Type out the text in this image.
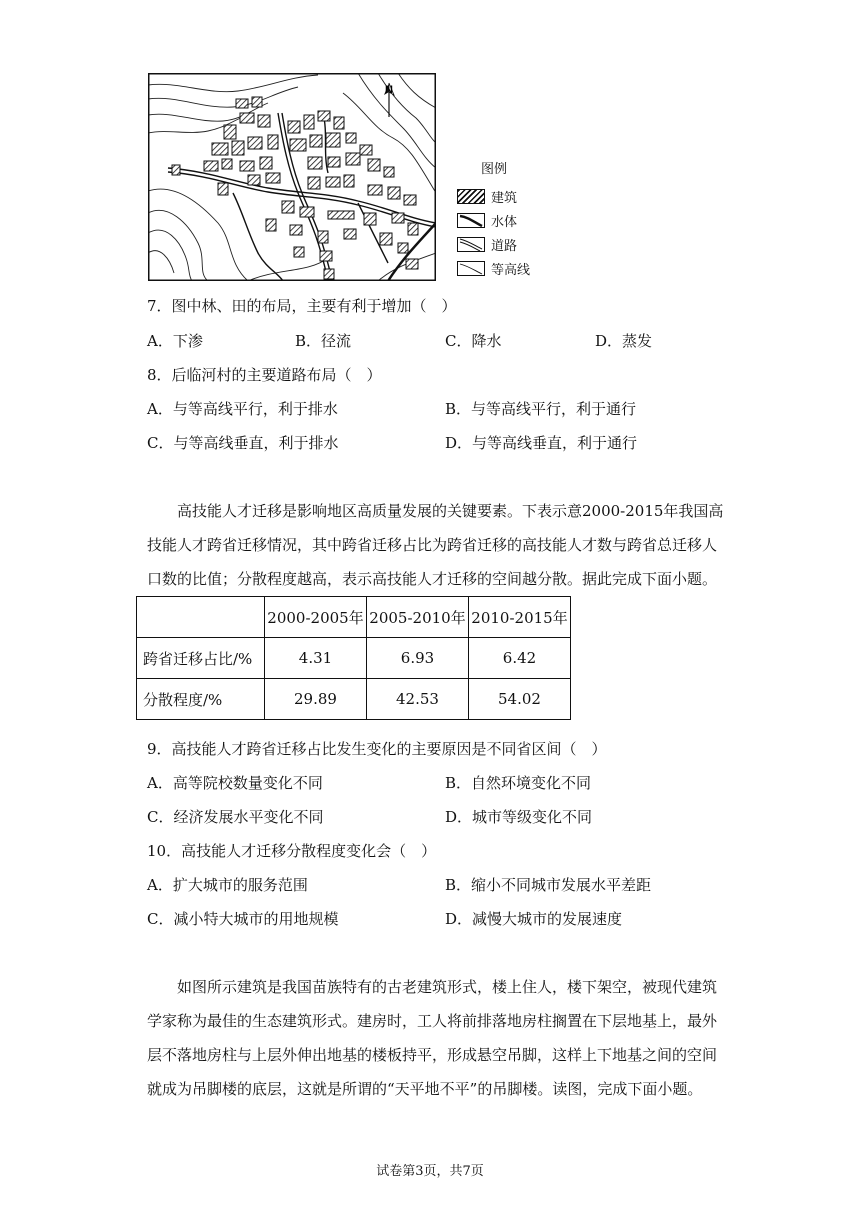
N
图例
建筑
水体
道路
等高线
7．图中林、田的布局，主要有利于增加（　）
A．下渗	B．径流	C．降水	D．蒸发
8．后临河村的主要道路布局（　）
A．与等高线平行，利于排水	B．与等高线平行，利于通行
C．与等高线垂直，利于排水	D．与等高线垂直，利于通行

高技能人才迁移是影响地区高质量发展的关键要素。下表示意2000-2015年我国高

技能人才跨省迁移情况，其中跨省迁移占比为跨省迁移的高技能人才数与跨省总迁移人

口数的比值；分散程度越高，表示高技能人才迁移的空间越分散。据此完成下面小题。

	2000-2005年	2005-2010年	2010-2015年
跨省迁移占比/%	4.31	6.93	6.42
分散程度/%	29.89	42.53	54.02
9．高技能人才跨省迁移占比发生变化的主要原因是不同省区间（　）
A．高等院校数量变化不同	B．自然环境变化不同
C．经济发展水平变化不同	D．城市等级变化不同
10．高技能人才迁移分散程度变化会（　）
A．扩大城市的服务范围	B．缩小不同城市发展水平差距
C．减小特大城市的用地规模	D．减慢大城市的发展速度

如图所示建筑是我国苗族特有的古老建筑形式，楼上住人，楼下架空，被现代建筑

学家称为最佳的生态建筑形式。建房时，工人将前排落地房柱搁置在下层地基上，最外

层不落地房柱与上层外伸出地基的楼板持平，形成悬空吊脚，这样上下地基之间的空间

就成为吊脚楼的底层，这就是所谓的“天平地不平”的吊脚楼。读图，完成下面小题。

试卷第3页，共7页
